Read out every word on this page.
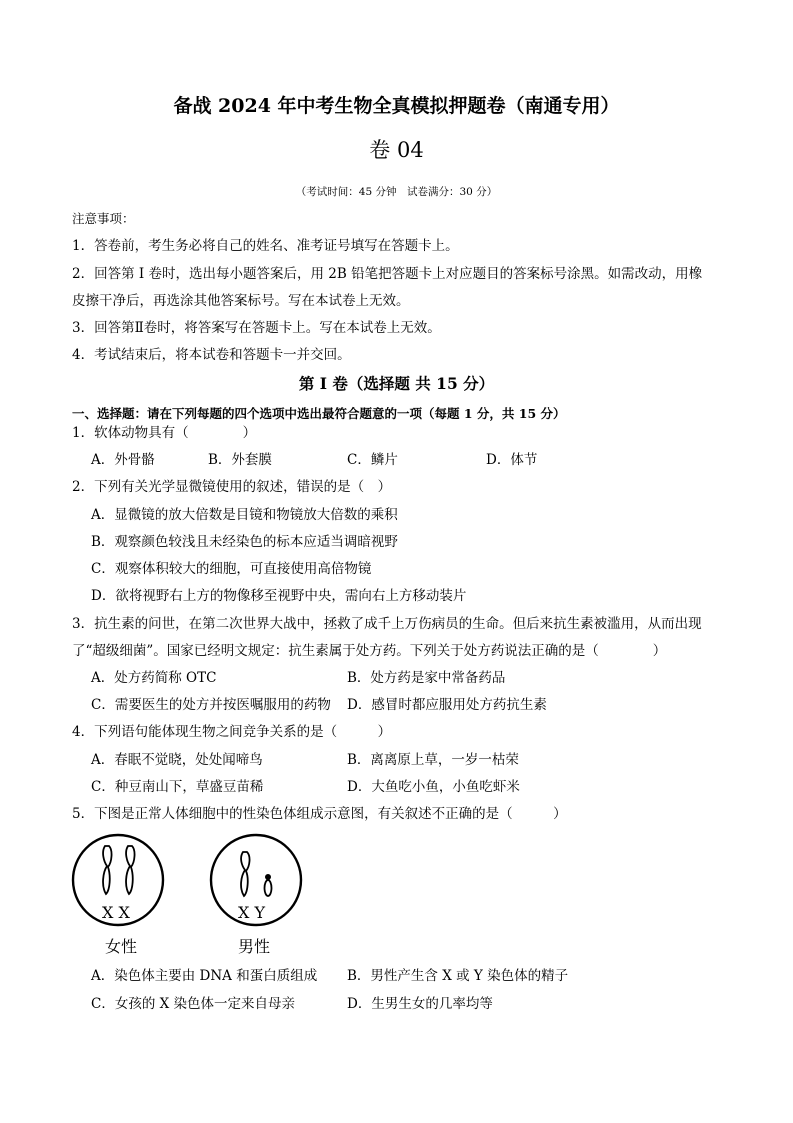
备战 2024 年中考生物全真模拟押题卷（南通专用）
卷 04
（考试时间：45 分钟　试卷满分：30 分）
注意事项：
1．答卷前，考生务必将自己的姓名、准考证号填写在答题卡上。
2．回答第 I 卷时，选出每小题答案后，用 2B 铅笔把答题卡上对应题目的答案标号涂黑。如需改动，用橡
皮擦干净后，再选涂其他答案标号。写在本试卷上无效。
3．回答第Ⅱ卷时，将答案写在答题卡上。写在本试卷上无效。
4．考试结束后，将本试卷和答题卡一并交回。
第 I 卷（选择题 共 15 分）
一、选择题：请在下列每题的四个选项中选出最符合题意的一项（每题 1 分，共 15 分）
1．软体动物具有（　　　　）
A．外骨骼	B．外套膜	C．鳞片	D．体节
2．下列有关光学显微镜使用的叙述，错误的是（　）
A．显微镜的放大倍数是目镜和物镜放大倍数的乘积
B．观察颜色较浅且未经染色的标本应适当调暗视野
C．观察体积较大的细胞，可直接使用高倍物镜
D．欲将视野右上方的物像移至视野中央，需向右上方移动装片
3．抗生素的问世，在第二次世界大战中，拯救了成千上万伤病员的生命。但后来抗生素被滥用，从而出现
了“超级细菌”。国家已经明文规定：抗生素属于处方药。下列关于处方药说法正确的是（　　　　）
A．处方药简称 OTC	B．处方药是家中常备药品
C．需要医生的处方并按医嘱服用的药物 D．感冒时都应服用处方药抗生素
4．下列语句能体现生物之间竞争关系的是（　　　）
A．春眠不觉晓，处处闻啼鸟	B．离离原上草，一岁一枯荣
C．种豆南山下，草盛豆苗稀	D．大鱼吃小鱼，小鱼吃虾米
5．下图是正常人体细胞中的性染色体组成示意图，有关叙述不正确的是（　　　）
X X	X Y
女性	男性
A．染色体主要由 DNA 和蛋白质组成 B．男性产生含 X 或 Y 染色体的精子
C．女孩的 X 染色体一定来自母亲	D．生男生女的几率均等
